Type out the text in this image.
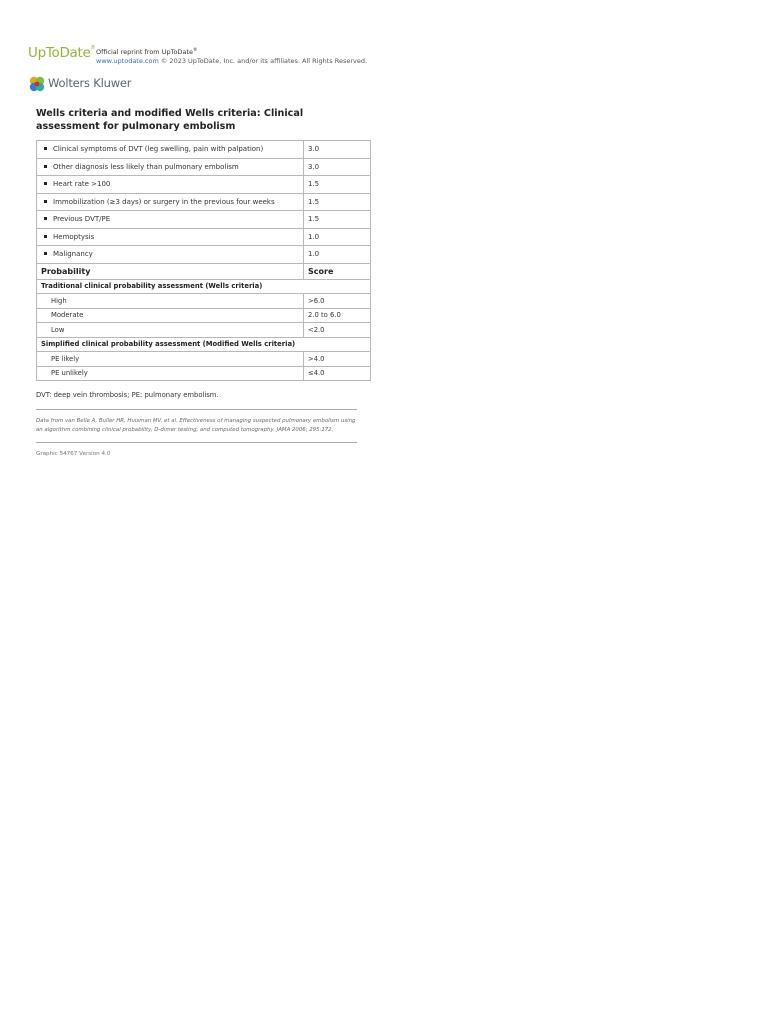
UpToDate®
Official reprint from UpToDate®
www.uptodate.com © 2023 UpToDate, Inc. and/or its affiliates. All Rights Reserved.
Wolters Kluwer
Wells criteria and modified Wells criteria: Clinical assessment for pulmonary embolism
Clinical symptoms of DVT (leg swelling, pain with palpation)	3.0
Other diagnosis less likely than pulmonary embolism	3.0
Heart rate >100	1.5
Immobilization (≥3 days) or surgery in the previous four weeks	1.5
Previous DVT/PE	1.5
Hemoptysis	1.0
Malignancy	1.0
Probability	Score
Traditional clinical probability assessment (Wells criteria)	
High	>6.0
Moderate	2.0 to 6.0
Low	<2.0
Simplified clinical probability assessment (Modified Wells criteria)	
PE likely	>4.0
PE unlikely	≤4.0
DVT: deep vein thrombosis; PE: pulmonary embolism.
Data from van Belle A, Buller HR, Huisman MV, et al. Effectiveness of managing suspected pulmonary embolism using an algorithm combining clinical probability, D-dimer testing, and computed tomography. JAMA 2006; 295:172.
Graphic 54767 Version 4.0
